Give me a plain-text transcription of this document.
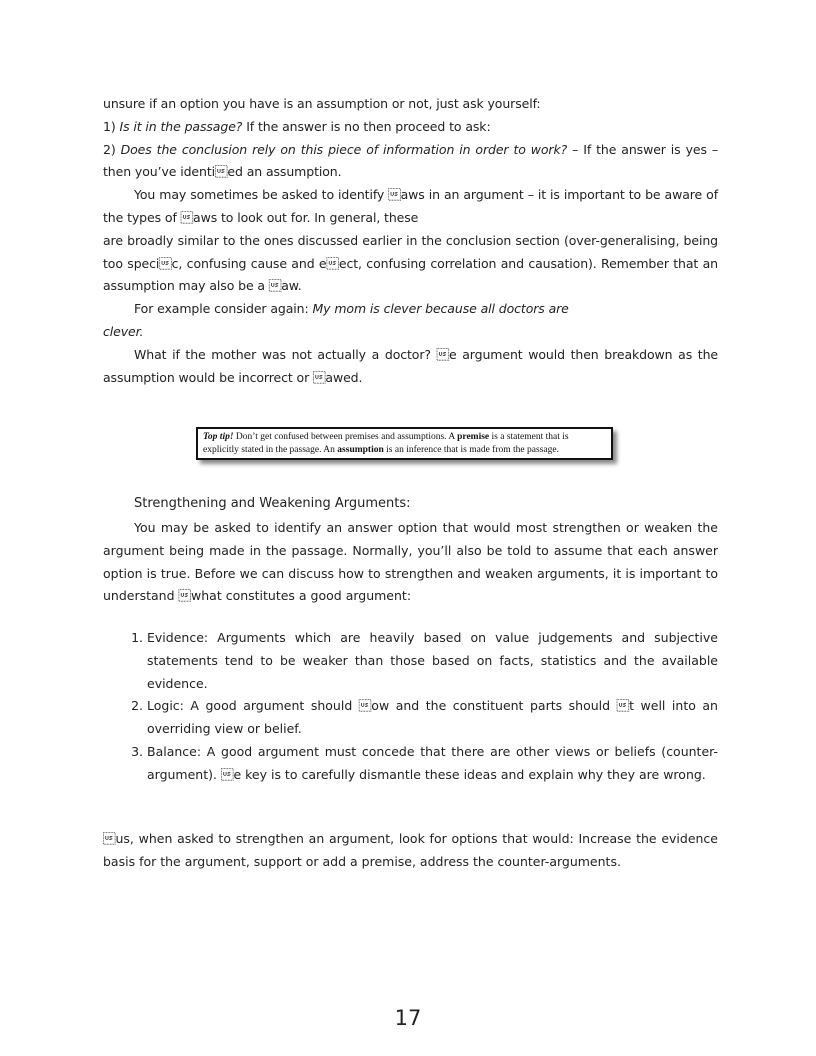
unsure if an option you have is an assumption or not, just ask yourself:

1) Is it in the passage? If the answer is no then proceed to ask:

2) Does the conclusion rely on this piece of information in order to work? – If the answer is yes – then you’ve identied an assumption.

You may sometimes be asked to identify aws in an argument – it is important to be aware of the types of aws to look out for. In general, these

are broadly similar to the ones discussed earlier in the conclusion section (over-generalising, being too specic, confusing cause and eect, confusing correlation and causation). Remember that an assumption may also be a aw.

For example consider again: My mom is clever because all doctors are

clever.

What if the mother was not actually a doctor? e argument would then breakdown as the assumption would be incorrect or awed.

Top tip! Don’t get confused between premises and assumptions. A premise is a statement that is explicitly stated in the passage. An assumption is an inference that is made from the passage.
Strengthening and Weakening Arguments:

You may be asked to identify an answer option that would most strengthen or weaken the argument being made in the passage. Normally, you’ll also be told to assume that each answer option is true. Before we can discuss how to strengthen and weaken arguments, it is important to understand what constitutes a good argument:

1. Evidence: Arguments which are heavily based on value judgements and subjective statements tend to be weaker than those based on facts, statistics and the available evidence.
2. Logic: A good argument should ow and the constituent parts should t well into an overriding view or belief.
3. Balance: A good argument must concede that there are other views or beliefs (counter-argument). e key is to carefully dismantle these ideas and explain why they are wrong.

us, when asked to strengthen an argument, look for options that would: Increase the evidence basis for the argument, support or add a premise, address the counter-arguments.

17
